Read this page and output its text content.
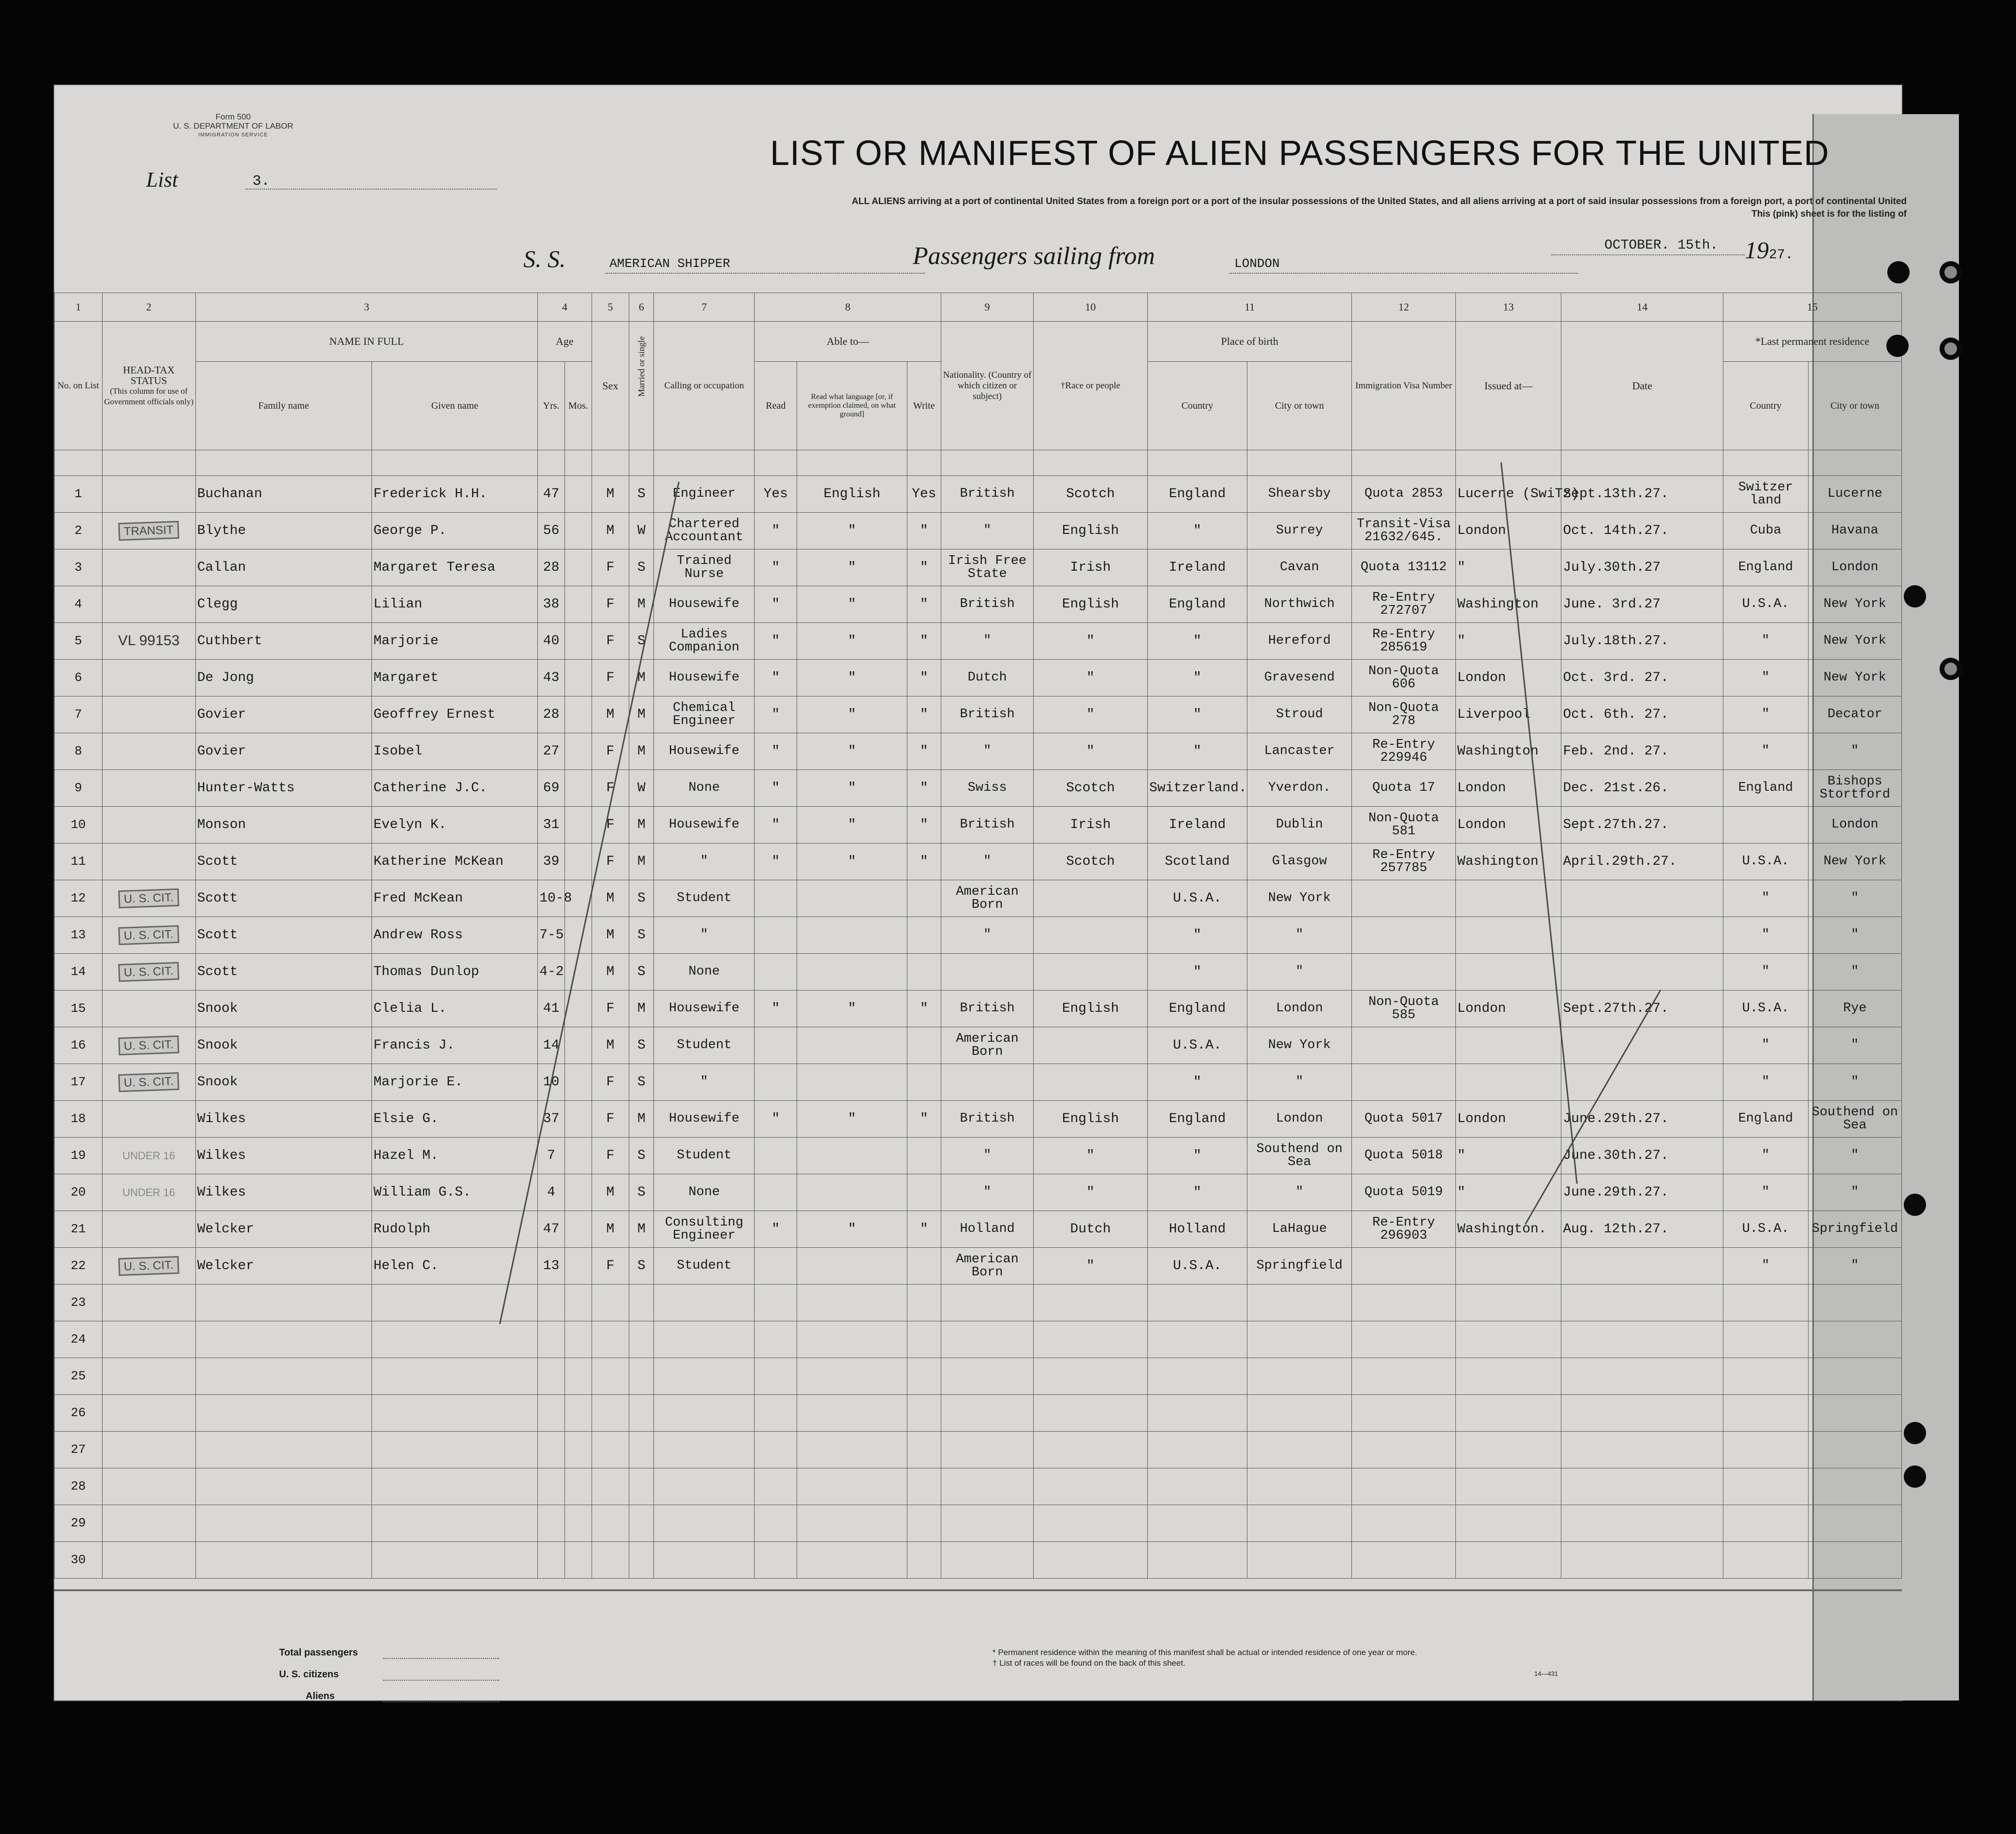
Form 500
U. S. DEPARTMENT OF LABOR
IMMIGRATION SERVICE
List	3.
LIST OR MANIFEST OF ALIEN PASSENGERS FOR THE UNITED
ALL ALIENS arriving at a port of continental United States from a foreign port or a port of the insular possessions of the United States, and all aliens arriving at a port of said insular possessions from a foreign port, a port of continental United
This (pink) sheet is for the listing of
S. S.	AMERICAN SHIPPER	Passengers sailing from	LONDON
OCTOBER. 15th. 1927.
1	2	3		4		5	6	7	8			9	10	11		12	13	14	15	
No. on List	HEAD-TAX STATUS
(This column for use of Government officials only)	NAME IN FULL		Age		Sex	Married or single	Calling or occupation	Able to—			Nationality. (Country of which citizen or subject)	†Race or people	Place of birth		Immigration Visa Number	Issued at—	Date	*Last permanent residence	
		Family name	Given name	Yrs.	Mos.				Read	Read what language [or, if exemption claimed, on what ground]	Write			Country	City or town				Country	City or town

1		Buchanan	Frederick H.H.	47		M	S	Engineer	Yes	English	Yes	British	Scotch	England	Shearsby	Quota 2853	Lucerne (SwiTz)	Sept.13th.27.	Switzer land	Lucerne
2	TRANSIT	Blythe	George P.	56		M	W	Chartered Accountant	"	"	"	"	English	"	Surrey	Transit-Visa 21632/645.	London	Oct. 14th.27.	Cuba	Havana
3		Callan	Margaret Teresa	28		F	S	Trained Nurse	"	"	"	Irish Free State	Irish	Ireland	Cavan	Quota 13112	"	July.30th.27	England	London
4		Clegg	Lilian	38		F	M	Housewife	"	"	"	British	English	England	Northwich	Re-Entry 272707	Washington	June. 3rd.27	U.S.A.	New York
5	VL 99153	Cuthbert	Marjorie	40		F	S	Ladies Companion	"	"	"	"	"	"	Hereford	Re-Entry 285619	"	July.18th.27.	"	New York
6		De Jong	Margaret	43		F	M	Housewife	"	"	"	Dutch	"	"	Gravesend	Non-Quota 606	London	Oct. 3rd. 27.	"	New York
7		Govier	Geoffrey Ernest	28		M	M	Chemical Engineer	"	"	"	British	"	"	Stroud	Non-Quota 278	Liverpool	Oct. 6th. 27.	"	Decator
8		Govier	Isobel	27		F	M	Housewife	"	"	"	"	"	"	Lancaster	Re-Entry 229946	Washington	Feb. 2nd. 27.	"	"
9		Hunter-Watts	Catherine J.C.	69		F	W	None	"	"	"	Swiss	Scotch	Switzerland.	Yverdon.	Quota 17	London	Dec. 21st.26.	England	Bishops Stortford
10		Monson	Evelyn K.	31		F	M	Housewife	"	"	"	British	Irish	Ireland	Dublin	Non-Quota 581	London	Sept.27th.27.		London
11		Scott	Katherine McKean	39		F	M	"	"	"	"	"	Scotch	Scotland	Glasgow	Re-Entry 257785	Washington	April.29th.27.	U.S.A.	New York
12	U. S. CIT.	Scott	Fred McKean	10-8		M	S	Student				American Born		U.S.A.	New York				"	"
13	U. S. CIT.	Scott	Andrew Ross	7-5		M	S	"				"		"	"				"	"
14	U. S. CIT.	Scott	Thomas Dunlop	4-2		M	S	None						"	"				"	"
15		Snook	Clelia L.	41		F	M	Housewife	"	"	"	British	English	England	London	Non-Quota 585	London	Sept.27th.27.	U.S.A.	Rye
16	U. S. CIT.	Snook	Francis J.	14		M	S	Student				American Born		U.S.A.	New York				"	"
17	U. S. CIT.	Snook	Marjorie E.	10		F	S	"						"	"				"	"
18		Wilkes	Elsie G.	37		F	M	Housewife	"	"	"	British	English	England	London	Quota 5017	London	June.29th.27.	England	Southend on Sea
19	UNDER 16	Wilkes	Hazel M.	7		F	S	Student				"	"	"	Southend on Sea	Quota 5018	"	June.30th.27.	"	"
20	UNDER 16	Wilkes	William G.S.	4		M	S	None				"	"	"	"	Quota 5019	"	June.29th.27.	"	"
21		Welcker	Rudolph	47		M	M	Consulting Engineer	"	"	"	Holland	Dutch	Holland	LaHague	Re-Entry 296903	Washington.	Aug. 12th.27.	U.S.A.	Springfield
22	U. S. CIT.	Welcker	Helen C.	13		F	S	Student				American Born	"	U.S.A.	Springfield				"	"
23																				
24																				
25																				
26																				
27																				
28																				
29																				
30																				
Total passengers
U. S. citizens
Aliens
* Permanent residence within the meaning of this manifest shall be actual or intended residence of one year or more.
† List of races will be found on the back of this sheet.
14—431
